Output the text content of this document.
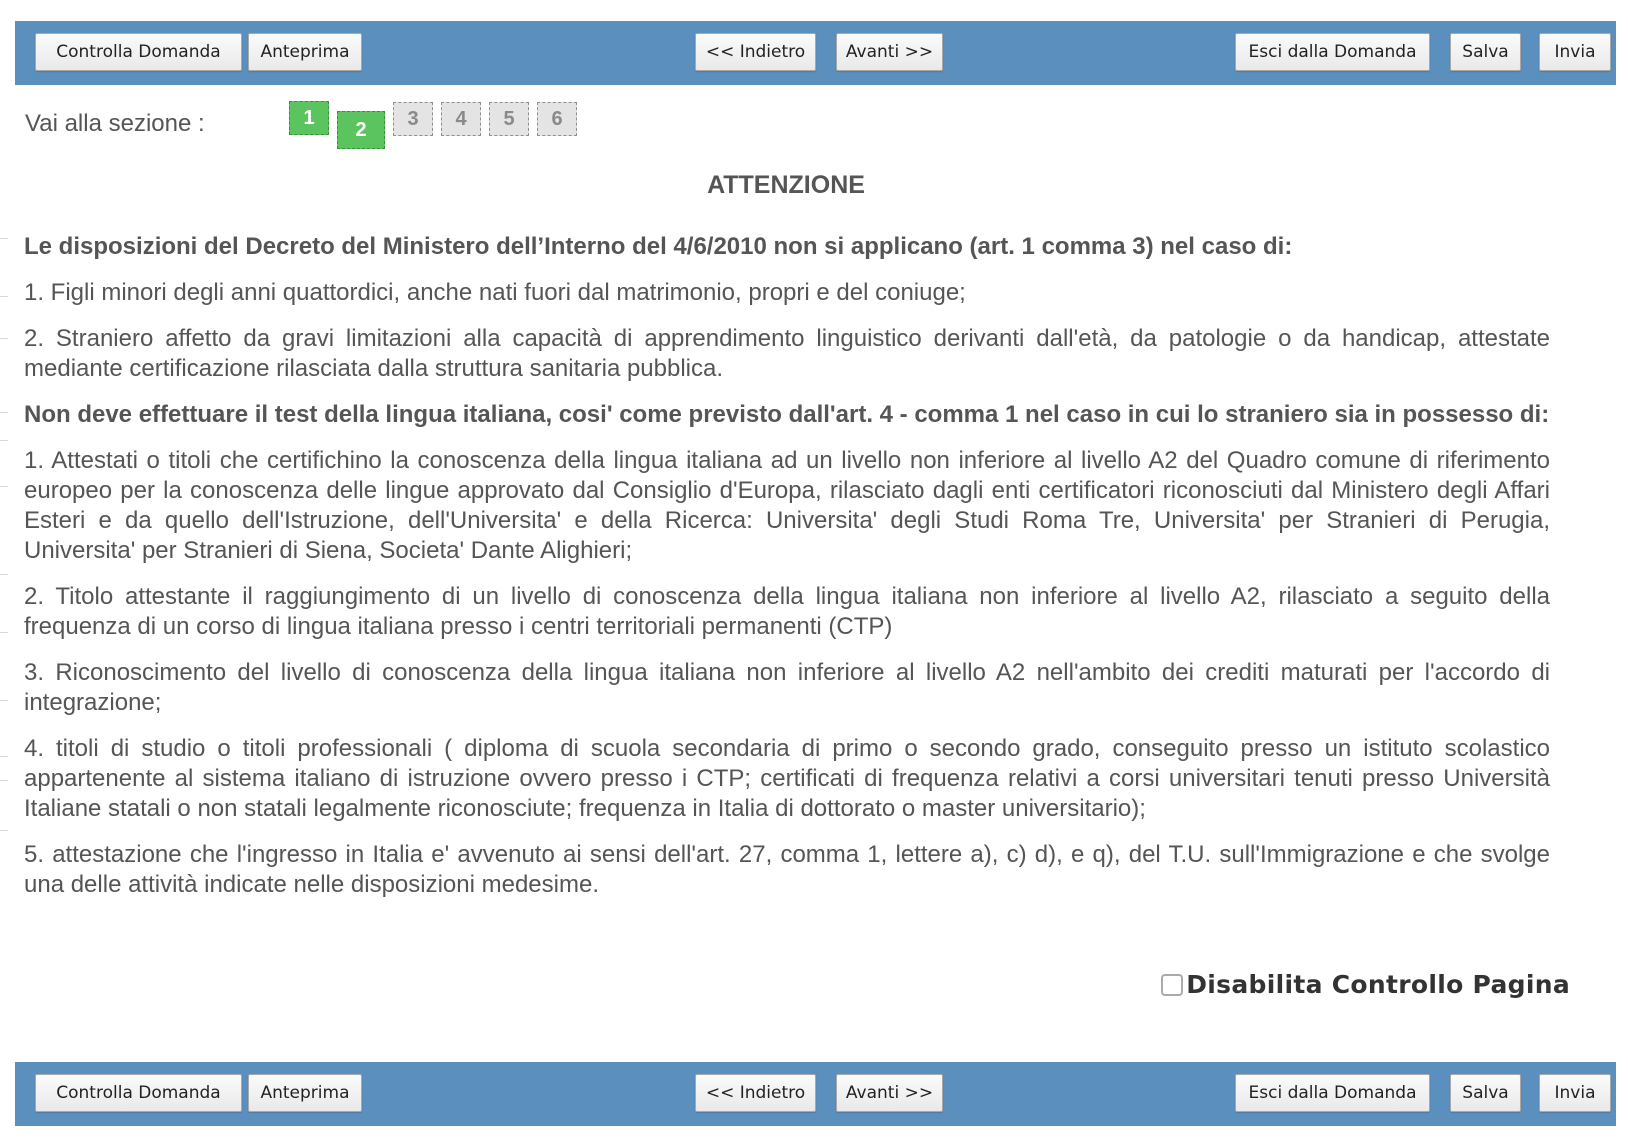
Controlla Domanda	Anteprima	<< Indietro	Avanti >>	Esci dalla Domanda	Salva	Invia
Vai alla sezione :	1
2	3	4	5	6
ATTENZIONE

Le disposizioni del Decreto del Ministero dell’Interno del 4/6/2010 non si applicano (art. 1 comma 3) nel caso di:

1. Figli minori degli anni quattordici, anche nati fuori dal matrimonio, propri e del coniuge;

2. Straniero affetto da gravi limitazioni alla capacità di apprendimento linguistico derivanti dall'età, da patologie o da handicap, attestate mediante certificazione rilasciata dalla struttura sanitaria pubblica.

Non deve effettuare il test della lingua italiana, cosi' come previsto dall'art. 4 - comma 1 nel caso in cui lo straniero sia in possesso di:

1. Attestati o titoli che certifichino la conoscenza della lingua italiana ad un livello non inferiore al livello A2 del Quadro comune di riferimento europeo per la conoscenza delle lingue approvato dal Consiglio d'Europa, rilasciato dagli enti certificatori riconosciuti dal Ministero degli Affari Esteri e da quello dell'Istruzione, dell'Universita' e della Ricerca: Universita' degli Studi Roma Tre, Universita' per Stranieri di Perugia, Universita' per Stranieri di Siena, Societa' Dante Alighieri;

2. Titolo attestante il raggiungimento di un livello di conoscenza della lingua italiana non inferiore al livello A2, rilasciato a seguito della frequenza di un corso di lingua italiana presso i centri territoriali permanenti (CTP)

3. Riconoscimento del livello di conoscenza della lingua italiana non inferiore al livello A2 nell'ambito dei crediti maturati per l'accordo di integrazione;

4. titoli di studio o titoli professionali ( diploma di scuola secondaria di primo o secondo grado, conseguito presso un istituto scolastico appartenente al sistema italiano di istruzione ovvero presso i CTP; certificati di frequenza relativi a corsi universitari tenuti presso Università Italiane statali o non statali legalmente riconosciute; frequenza in Italia di dottorato o master universitario);

5. attestazione che l'ingresso in Italia e' avvenuto ai sensi dell'art. 27, comma 1, lettere a), c) d), e q), del T.U. sull'Immigrazione e che svolge una delle attività indicate nelle disposizioni medesime.

Disabilita Controllo Pagina
Controlla Domanda	Anteprima	<< Indietro	Avanti >>	Esci dalla Domanda	Salva	Invia
